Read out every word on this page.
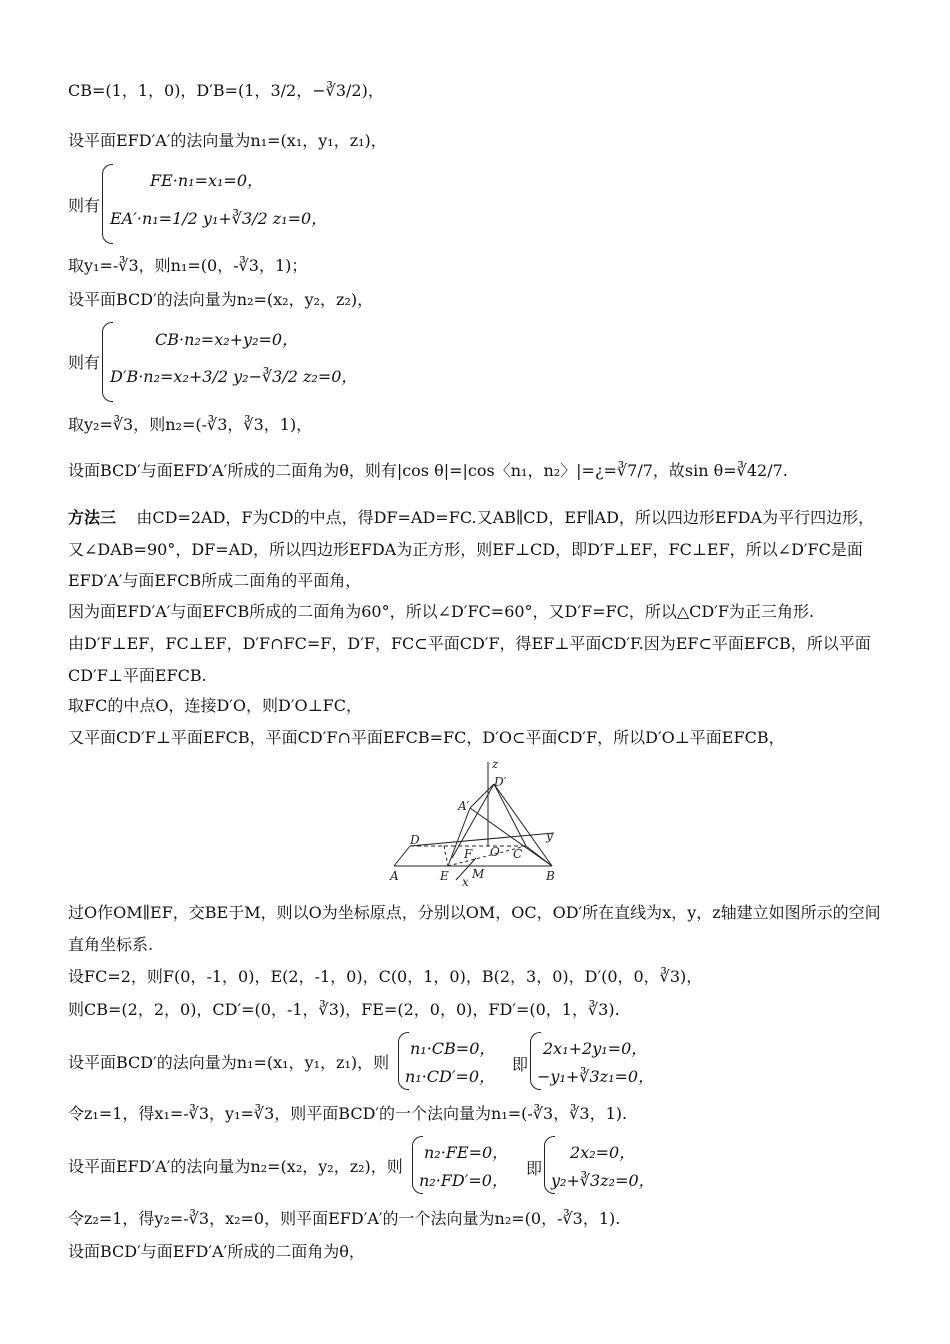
CB=(1，1，0)，D′B=(1，3/2，−∛3/2)，
设平面EFD′A′的法向量为n₁=(x₁，y₁，z₁)，
则有
FE·n₁=x₁=0，
EA′·n₁=1/2 y₁+∛3/2 z₁=0，
取y₁=-∛3，则n₁=(0，-∛3，1)；
设平面BCD′的法向量为n₂=(x₂，y₂，z₂)，
则有
CB·n₂=x₂+y₂=0，
D′B·n₂=x₂+3/2 y₂−∛3/2 z₂=0，
取y₂=∛3，则n₂=(-∛3，∛3，1)，
设面BCD′与面EFD′A′所成的二面角为θ，则有|cos θ|=|cos〈n₁，n₂〉|=¿=∛7/7，故sin θ=∛42/7.
方法三 由CD=2AD，F为CD的中点，得DF=AD=FC.又AB∥CD，EF∥AD，所以四边形EFDA为平行四边形，又∠DAB=90°，DF=AD，所以四边形EFDA为正方形，则EF⊥CD，即D′F⊥EF，FC⊥EF，所以∠D′FC是面EFD′A′与面EFCB所成二面角的平面角，
因为面EFD′A′与面EFCB所成的二面角为60°，所以∠D′FC=60°，又D′F=FC，所以△CD′F为正三角形.
由D′F⊥EF，FC⊥EF，D′F∩FC=F，D′F，FC⊂平面CD′F，得EF⊥平面CD′F.因为EF⊂平面EFCB，所以平面CD′F⊥平面EFCB.
取FC的中点O，连接D′O，则D′O⊥FC，
又平面CD′F⊥平面EFCB，平面CD′F∩平面EFCB=FC，D′O⊂平面CD′F，所以D′O⊥平面EFCB，
z
D′
A′
y
D
F O C
A	E M	B
x
过O作OM∥EF，交BE于M，则以O为坐标原点，分别以OM，OC，OD′所在直线为x，y，z轴建立如图所示的空间直角坐标系.
设FC=2，则F(0，-1，0)，E(2，-1，0)，C(0，1，0)，B(2，3，0)，D′(0，0，∛3)，
则CB=(2，2，0)，CD′=(0，-1，∛3)，FE=(2，0，0)，FD′=(0，1，∛3).
设平面BCD′的法向量为n₁=(x₁，y₁，z₁)，则
n₁·CB=0，
n₁·CD′=0，
即
2x₁+2y₁=0，
−y₁+∛3z₁=0，
令z₁=1，得x₁=-∛3，y₁=∛3，则平面BCD′的一个法向量为n₁=(-∛3，∛3，1).
设平面EFD′A′的法向量为n₂=(x₂，y₂，z₂)，则
n₂·FE=0，
n₂·FD′=0，
即
2x₂=0，
y₂+∛3z₂=0，
令z₂=1，得y₂=-∛3，x₂=0，则平面EFD′A′的一个法向量为n₂=(0，-∛3，1).
设面BCD′与面EFD′A′所成的二面角为θ，
